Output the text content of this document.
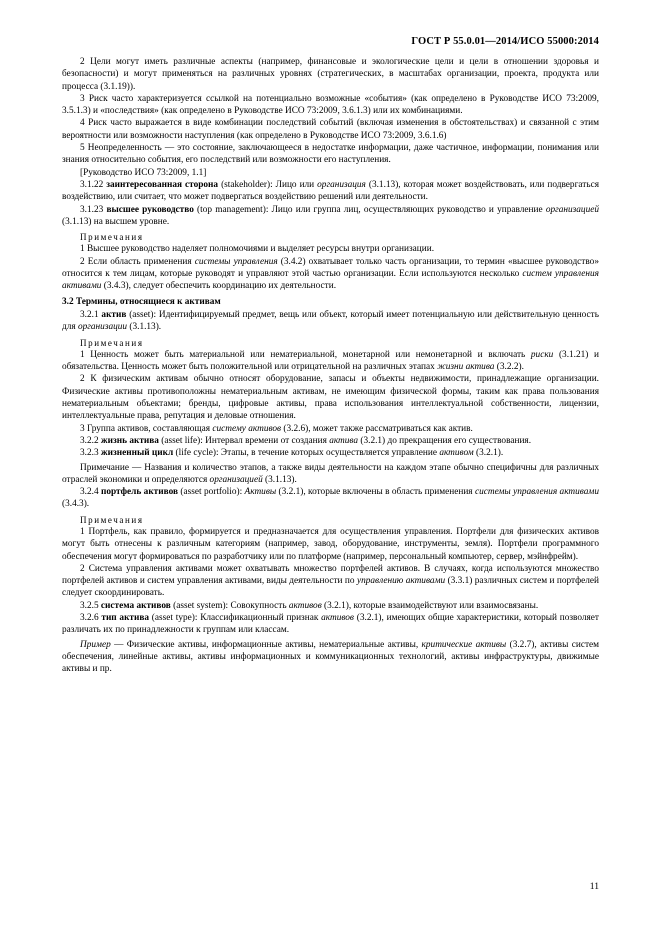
ГОСТ Р 55.0.01—2014/ИСО 55000:2014

2 Цели могут иметь различные аспекты (например, финансовые и экологические цели и цели в отношении здоровья и безопасности) и могут применяться на различных уровнях (стратегических, в масштабах организации, проекта, продукта или процесса (3.1.19)).

3 Риск часто характеризуется ссылкой на потенциально возможные «события» (как определено в Руководстве ИСО 73:2009, 3.5.1.3) и «последствия» (как определено в Руководстве ИСО 73:2009, 3.6.1.3) или их комбинациями.

4 Риск часто выражается в виде комбинации последствий событий (включая изменения в обстоятельствах) и связанной с этим вероятности или возможности наступления (как определено в Руководстве ИСО 73:2009, 3.6.1.6)

5 Неопределенность — это состояние, заключающееся в недостатке информации, даже частичное, информации, понимания или знания относительно события, его последствий или возможности его наступления.

[Руководство ИСО 73:2009, 1.1]

3.1.22 заинтересованная сторона (stakeholder): Лицо или организация (3.1.13), которая может воздействовать, или подвергаться воздействию, или считает, что может подвергаться воздействию решений или деятельности.

3.1.23 высшее руководство (top management): Лицо или группа лиц, осуществляющих руководство и управление организацией (3.1.13) на высшем уровне.

Примечания

1 Высшее руководство наделяет полномочиями и выделяет ресурсы внутри организации.

2 Если область применения системы управления (3.4.2) охватывает только часть организации, то термин «высшее руководство» относится к тем лицам, которые руководят и управляют этой частью организации. Если используются несколько систем управления активами (3.4.3), следует обеспечить координацию их деятельности.

3.2 Термины, относящиеся к активам

3.2.1 актив (asset): Идентифицируемый предмет, вещь или объект, который имеет потенциальную или действительную ценность для организации (3.1.13).

Примечания

1 Ценность может быть материальной или нематериальной, монетарной или немонетарной и включать риски (3.1.21) и обязательства. Ценность может быть положительной или отрицательной на различных этапах жизни актива (3.2.2).

2 К физическим активам обычно относят оборудование, запасы и объекты недвижимости, принадлежащие организации. Физические активы противоположны нематериальным активам, не имеющим физической формы, таким как права пользования нематериальным объектами; бренды, цифровые активы, права использования интеллектуальной собственности, лицензии, интеллектуальные права, репутация и деловые отношения.

3 Группа активов, составляющая систему активов (3.2.6), может также рассматриваться как актив.

3.2.2 жизнь актива (asset life): Интервал времени от создания актива (3.2.1) до прекращения его существования.

3.2.3 жизненный цикл (life cycle): Этапы, в течение которых осуществляется управление активом (3.2.1).

Примечание — Названия и количество этапов, а также виды деятельности на каждом этапе обычно специфичны для различных отраслей экономики и определяются организацией (3.1.13).

3.2.4 портфель активов (asset portfolio): Активы (3.2.1), которые включены в область применения системы управления активами (3.4.3).

Примечания

1 Портфель, как правило, формируется и предназначается для осуществления управления. Портфели для физических активов могут быть отнесены к различным категориям (например, завод, оборудование, инструменты, земля). Портфели программного обеспечения могут формироваться по разработчику или по платформе (например, персональный компьютер, сервер, мэйнфрейм).

2 Система управления активами может охватывать множество портфелей активов. В случаях, когда используются множество портфелей активов и систем управления активами, виды деятельности по управлению активами (3.3.1) различных систем и портфелей следует скоординировать.

3.2.5 система активов (asset system): Совокупность активов (3.2.1), которые взаимодействуют или взаимосвязаны.

3.2.6 тип актива (asset type): Классификационный признак активов (3.2.1), имеющих общие характеристики, который позволяет различать их по принадлежности к группам или классам.

Пример — Физические активы, информационные активы, нематериальные активы, критические активы (3.2.7), активы систем обеспечения, линейные активы, активы информационных и коммуникационных технологий, активы инфраструктуры, движимые активы и пр.

11
